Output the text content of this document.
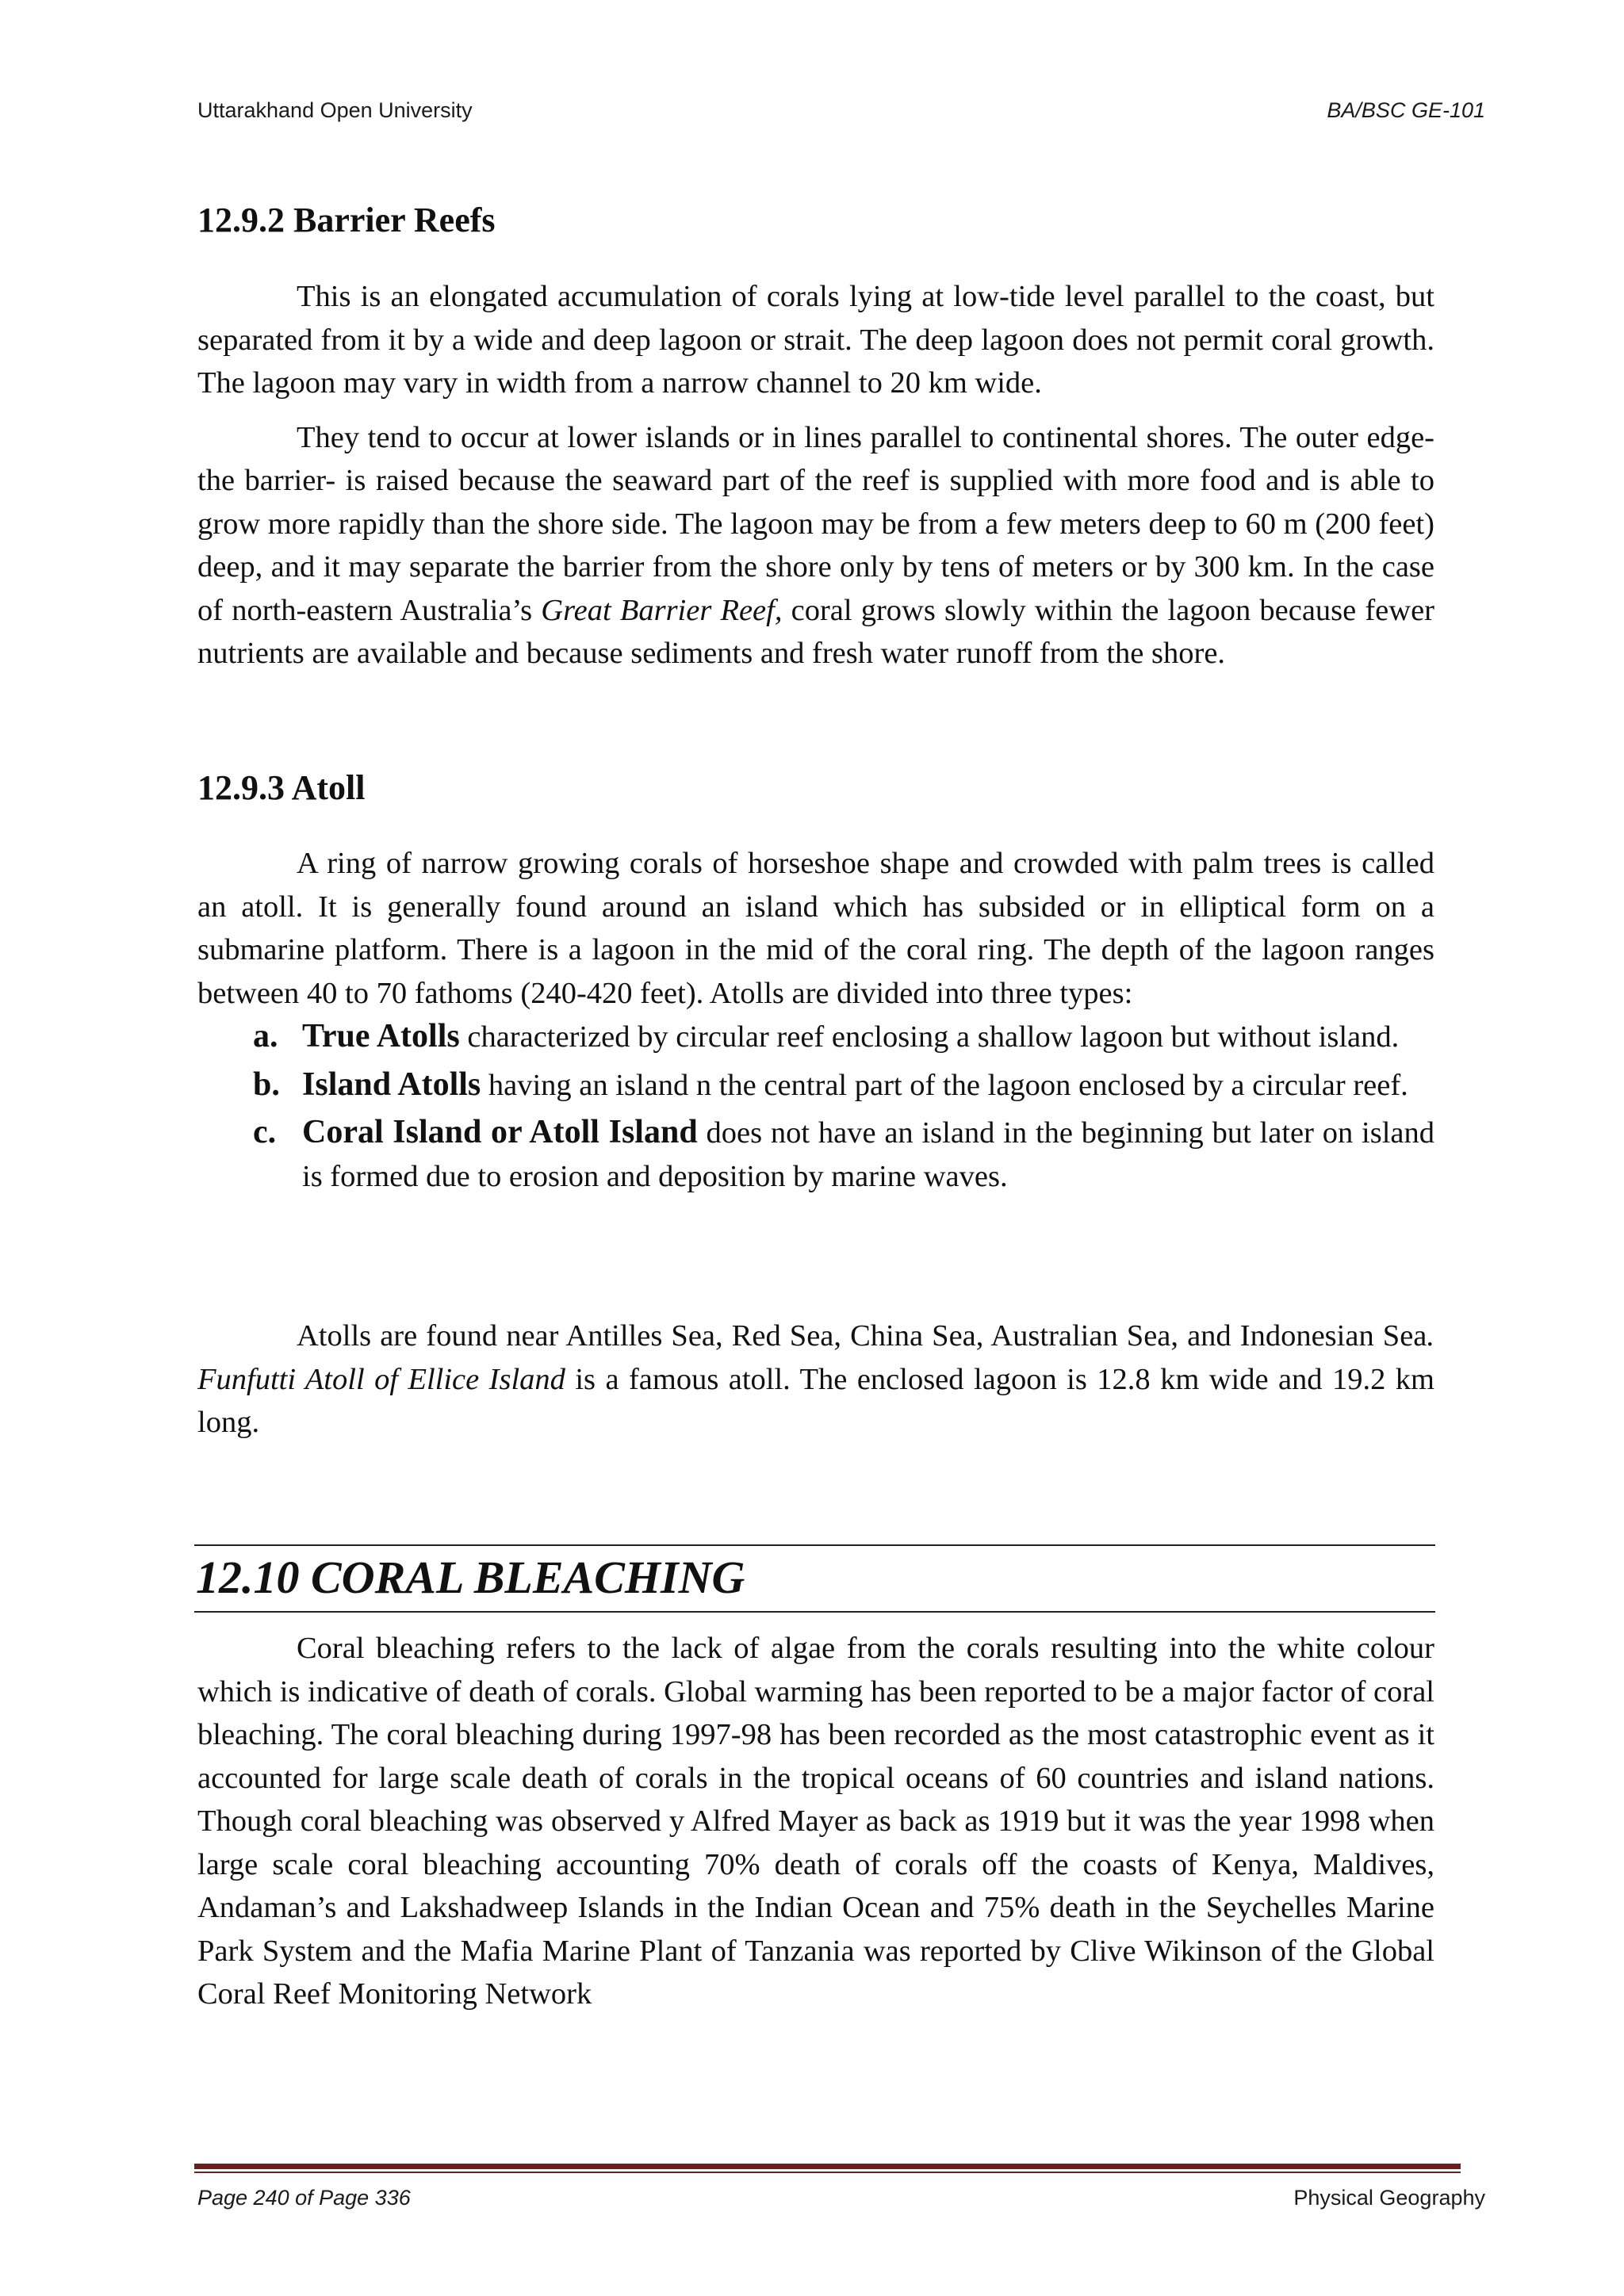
Uttarakhand Open University	BA/BSC GE-101
12.9.2 Barrier Reefs

This is an elongated accumulation of corals lying at low-tide level parallel to the coast, but separated from it by a wide and deep lagoon or strait. The deep lagoon does not permit coral growth. The lagoon may vary in width from a narrow channel to 20 km wide.

They tend to occur at lower islands or in lines parallel to continental shores. The outer edge- the barrier- is raised because the seaward part of the reef is supplied with more food and is able to grow more rapidly than the shore side. The lagoon may be from a few meters deep to 60 m (200 feet) deep, and it may separate the barrier from the shore only by tens of meters or by 300 km. In the case of north-eastern Australia’s Great Barrier Reef, coral grows slowly within the lagoon because fewer nutrients are available and because sediments and fresh water runoff from the shore.

12.9.3 Atoll

A ring of narrow growing corals of horseshoe shape and crowded with palm trees is called an atoll. It is generally found around an island which has subsided or in elliptical form on a submarine platform. There is a lagoon in the mid of the coral ring. The depth of the lagoon ranges between 40 to 70 fathoms (240-420 feet). Atolls are divided into three types:

a. True Atolls characterized by circular reef enclosing a shallow lagoon but without island.
b. Island Atolls having an island n the central part of the lagoon enclosed by a circular reef.
c. Coral Island or Atoll Island does not have an island in the beginning but later on island is formed due to erosion and deposition by marine waves.

Atolls are found near Antilles Sea, Red Sea, China Sea, Australian Sea, and Indonesian Sea. Funfutti Atoll of Ellice Island is a famous atoll. The enclosed lagoon is 12.8 km wide and 19.2 km long.

12.10 CORAL BLEACHING

Coral bleaching refers to the lack of algae from the corals resulting into the white colour which is indicative of death of corals. Global warming has been reported to be a major factor of coral bleaching. The coral bleaching during 1997-98 has been recorded as the most catastrophic event as it accounted for large scale death of corals in the tropical oceans of 60 countries and island nations. Though coral bleaching was observed y Alfred Mayer as back as 1919 but it was the year 1998 when large scale coral bleaching accounting 70% death of corals off the coasts of Kenya, Maldives, Andaman’s and Lakshadweep Islands in the Indian Ocean and 75% death in the Seychelles Marine Park System and the Mafia Marine Plant of Tanzania was reported by Clive Wikinson of the Global Coral Reef Monitoring Network

Page 240 of Page 336	Physical Geography
